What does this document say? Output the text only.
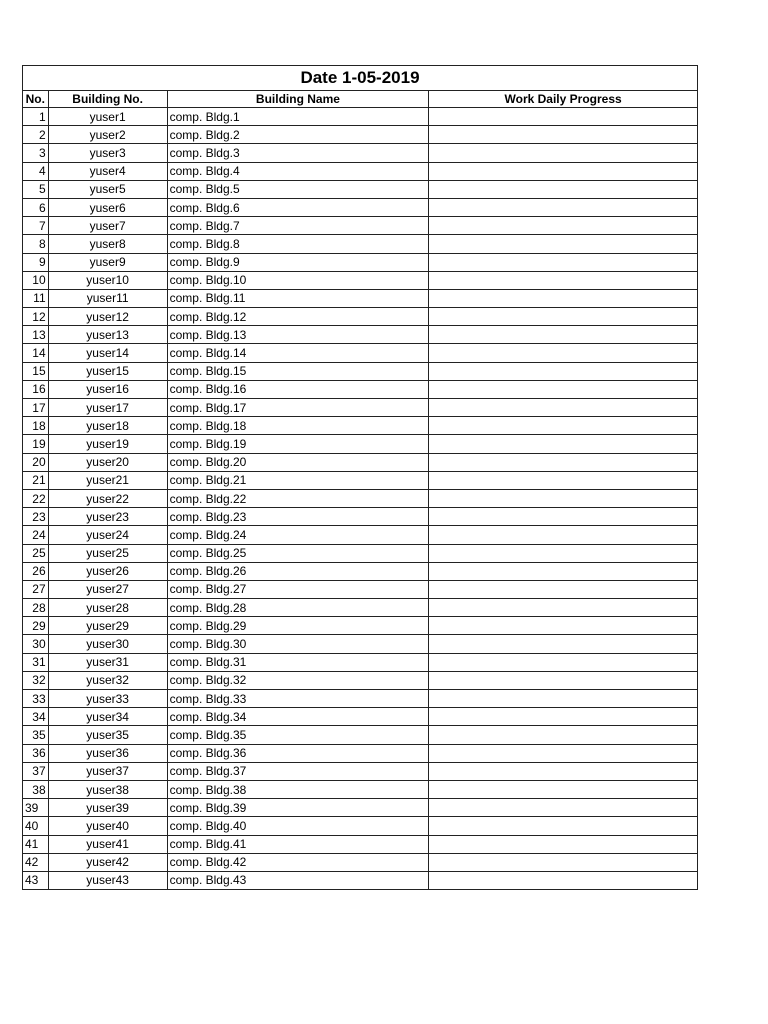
Date 1-05-2019			
No.	Building No.	Building Name	Work Daily Progress
1	yuser1	comp. Bldg.1	
2	yuser2	comp. Bldg.2	
3	yuser3	comp. Bldg.3	
4	yuser4	comp. Bldg.4	
5	yuser5	comp. Bldg.5	
6	yuser6	comp. Bldg.6	
7	yuser7	comp. Bldg.7	
8	yuser8	comp. Bldg.8	
9	yuser9	comp. Bldg.9	
10	yuser10	comp. Bldg.10	
11	yuser11	comp. Bldg.11	
12	yuser12	comp. Bldg.12	
13	yuser13	comp. Bldg.13	
14	yuser14	comp. Bldg.14	
15	yuser15	comp. Bldg.15	
16	yuser16	comp. Bldg.16	
17	yuser17	comp. Bldg.17	
18	yuser18	comp. Bldg.18	
19	yuser19	comp. Bldg.19	
20	yuser20	comp. Bldg.20	
21	yuser21	comp. Bldg.21	
22	yuser22	comp. Bldg.22	
23	yuser23	comp. Bldg.23	
24	yuser24	comp. Bldg.24	
25	yuser25	comp. Bldg.25	
26	yuser26	comp. Bldg.26	
27	yuser27	comp. Bldg.27	
28	yuser28	comp. Bldg.28	
29	yuser29	comp. Bldg.29	
30	yuser30	comp. Bldg.30	
31	yuser31	comp. Bldg.31	
32	yuser32	comp. Bldg.32	
33	yuser33	comp. Bldg.33	
34	yuser34	comp. Bldg.34	
35	yuser35	comp. Bldg.35	
36	yuser36	comp. Bldg.36	
37	yuser37	comp. Bldg.37	
38	yuser38	comp. Bldg.38	
39	yuser39	comp. Bldg.39	
40	yuser40	comp. Bldg.40	
41	yuser41	comp. Bldg.41	
42	yuser42	comp. Bldg.42	
43	yuser43	comp. Bldg.43	
